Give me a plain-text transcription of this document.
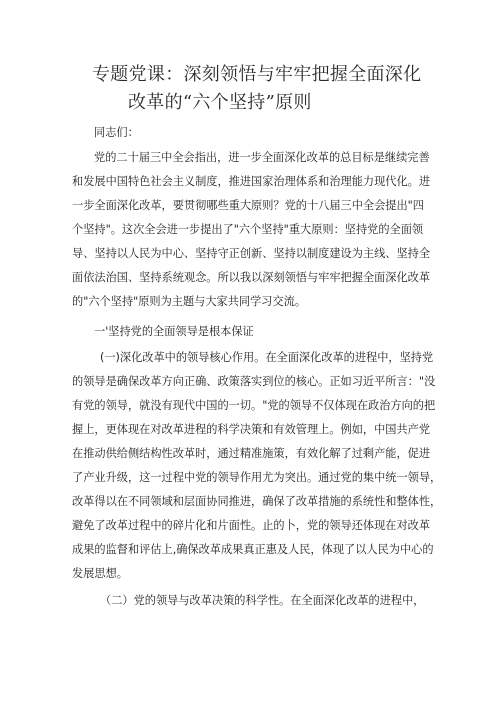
专题党课：深刻领悟与牢牢把握全面深化
改革的“六个坚持”原则
同志们：
党的二十届三中全会指出，进一步全面深化改革的总目标是继续完善
和发展中国特色社会主义制度，推进国家治理体系和治理能力现代化。进
一步全面深化改革，要贯彻哪些重大原则？党的十八届三中全会提出"四
个坚持"。这次全会进一步提出了"六个坚持"重大原则：坚持党的全面领
导、坚持以人民为中心、坚持守正创新、坚持以制度建设为主线、坚持全
面依法治国、坚持系统观念。所以我以深刻领悟与牢牢把握全面深化改革
的"六个坚持"原则为主题与大家共同学习交流。
一'坚持党的全面领导是根本保证
(一)深化改革中的领导核心作用。在全面深化改革的进程中，坚持党
的领导是确保改革方向正确、政策落实到位的核心。正如习近平所言："没
有党的领导，就没有现代中国的一切。"党的领导不仅体现在政治方向的把
握上，更体现在对改革进程的科学决策和有效管理上。例如，中国共产党
在推动供给侧结构性改革时，通过精准施策，有效化解了过剩产能，促进
了产业升级，这一过程中党的领导作用尤为突出。通过党的集中统一领导，
改革得以在不同领域和层面协同推进，确保了改革措施的系统性和整体性，
避免了改革过程中的碎片化和片面性。止的卜，党的领导还体现在对改革
成果的监督和评估上,确保改革成果真正惠及人民，体现了以人民为中心的
发展思想。
（二）党的领导与改革决策的科学性。在全面深化改革的进程中，
